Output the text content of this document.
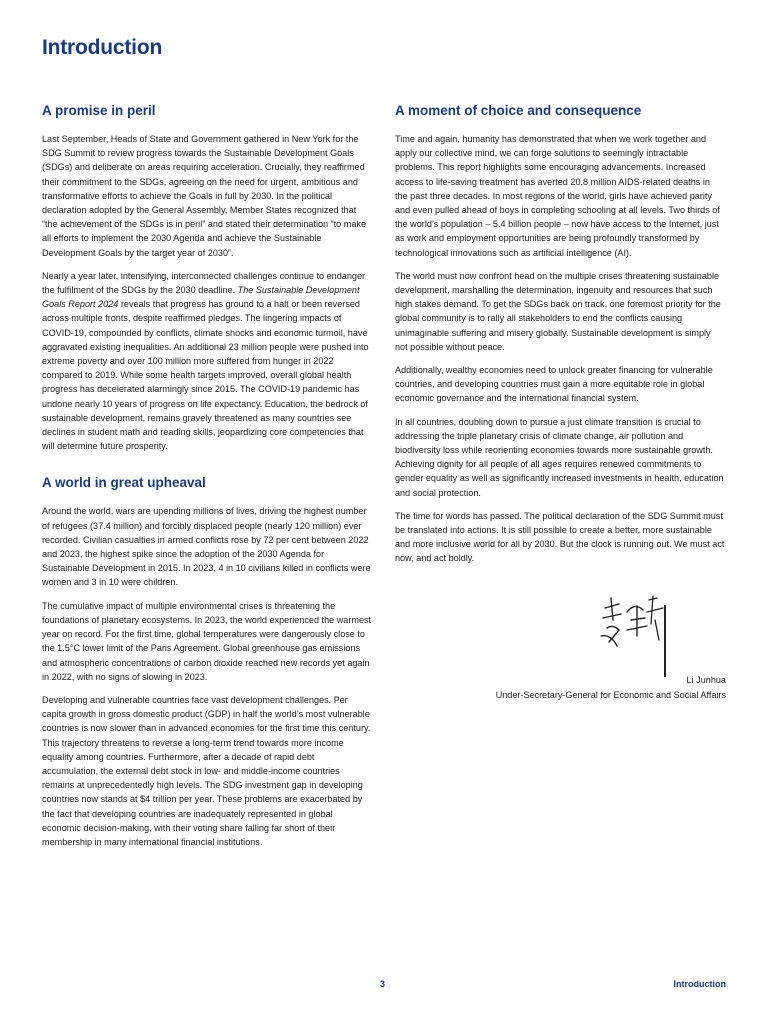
Introduction
A promise in peril

Last September, Heads of State and Government gathered in New York for the SDG Summit to review progress towards the Sustainable Development Goals (SDGs) and deliberate on areas requiring acceleration. Crucially, they reaffirmed their commitment to the SDGs, agreeing on the need for urgent, ambitious and transformative efforts to achieve the Goals in full by 2030. In the political declaration adopted by the General Assembly, Member States recognized that “the achievement of the SDGs is in peril” and stated their determination “to make all efforts to implement the 2030 Agenda and achieve the Sustainable Development Goals by the target year of 2030”.

Nearly a year later, intensifying, interconnected challenges continue to endanger the fulfilment of the SDGs by the 2030 deadline. The Sustainable Development Goals Report 2024 reveals that progress has ground to a halt or been reversed across multiple fronts, despite reaffirmed pledges. The lingering impacts of COVID-19, compounded by conflicts, climate shocks and economic turmoil, have aggravated existing inequalities. An additional 23 million people were pushed into extreme poverty and over 100 million more suffered from hunger in 2022 compared to 2019. While some health targets improved, overall global health progress has decelerated alarmingly since 2015. The COVID-19 pandemic has undone nearly 10 years of progress on life expectancy. Education, the bedrock of sustainable development, remains gravely threatened as many countries see declines in student math and reading skills, jeopardizing core competencies that will determine future prosperity.

A world in great upheaval

Around the world, wars are upending millions of lives, driving the highest number of refugees (37.4 million) and forcibly displaced people (nearly 120 million) ever recorded. Civilian casualties in armed conflicts rose by 72 per cent between 2022 and 2023, the highest spike since the adoption of the 2030 Agenda for Sustainable Development in 2015. In 2023, 4 in 10 civilians killed in conflicts were women and 3 in 10 were children.

The cumulative impact of multiple environmental crises is threatening the foundations of planetary ecosystems. In 2023, the world experienced the warmest year on record. For the first time, global temperatures were dangerously close to the 1.5°C lower limit of the Paris Agreement. Global greenhouse gas emissions and atmospheric concentrations of carbon dioxide reached new records yet again in 2022, with no signs of slowing in 2023.

Developing and vulnerable countries face vast development challenges. Per capita growth in gross domestic product (GDP) in half the world’s most vulnerable countries is now slower than in advanced economies for the first time this century. This trajectory threatens to reverse a long-term trend towards more income equality among countries. Furthermore, after a decade of rapid debt accumulation, the external debt stock in low- and middle-income countries remains at unprecedentedly high levels. The SDG investment gap in developing countries now stands at $4 trillion per year. These problems are exacerbated by the fact that developing countries are inadequately represented in global economic decision-making, with their voting share falling far short of their membership in many international financial institutions.

A moment of choice and consequence

Time and again, humanity has demonstrated that when we work together and apply our collective mind, we can forge solutions to seemingly intractable problems. This report highlights some encouraging advancements. Increased access to life-saving treatment has averted 20.8 million AIDS-related deaths in the past three decades. In most regions of the world, girls have achieved parity and even pulled ahead of boys in completing schooling at all levels. Two thirds of the world’s population – 5.4 billion people – now have access to the Internet, just as work and employment opportunities are being profoundly transformed by technological innovations such as artificial intelligence (AI).

The world must now confront head on the multiple crises threatening sustainable development, marshalling the determination, ingenuity and resources that such high stakes demand. To get the SDGs back on track, one foremost priority for the global community is to rally all stakeholders to end the conflicts causing unimaginable suffering and misery globally. Sustainable development is simply not possible without peace.

Additionally, wealthy economies need to unlock greater financing for vulnerable countries, and developing countries must gain a more equitable role in global economic governance and the international financial system.

In all countries, doubling down to pursue a just climate transition is crucial to addressing the triple planetary crisis of climate change, air pollution and biodiversity loss while reorienting economies towards more sustainable growth. Achieving dignity for all people of all ages requires renewed commitments to gender equality as well as significantly increased investments in health, education and social protection.

The time for words has passed. The political declaration of the SDG Summit must be translated into actions. It is still possible to create a better, more sustainable and more inclusive world for all by 2030. But the clock is running out. We must act now, and act boldly.

Li Junhua
Under-Secretary-General for Economic and Social Affairs
3	Introduction
